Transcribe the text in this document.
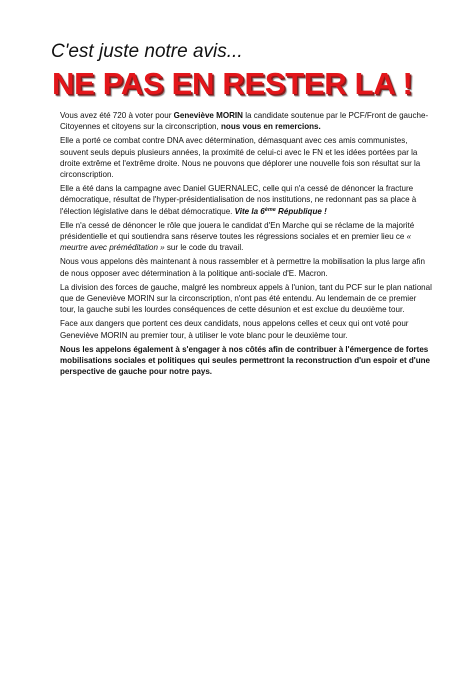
C'est juste notre avis...
NE PAS EN RESTER LA !

Vous avez été 720 à voter pour Geneviève MORIN la candidate soutenue par le PCF/Front de gauche-Citoyennes et citoyens sur la circonscription, nous vous en remercions.

Elle a porté ce combat contre DNA avec détermination, démasquant avec ces amis communistes, souvent seuls depuis plusieurs années, la proximité de celui-ci avec le FN et les idées portées par la droite extrême et l'extrême droite. Nous ne pouvons que déplorer une nouvelle fois son résultat sur la circonscription.

Elle a été dans la campagne avec Daniel GUERNALEC, celle qui n'a cessé de dénoncer la fracture démocratique, résultat de l'hyper-présidentialisation de nos institutions, ne redonnant pas sa place à l'élection législative dans le débat démocratique. Vite la 6ème République !

Elle n'a cessé de dénoncer le rôle que jouera le candidat d'En Marche qui se réclame de la majorité présidentielle et qui soutiendra sans réserve toutes les régressions sociales et en premier lieu ce « meurtre avec préméditation » sur le code du travail.

Nous vous appelons dès maintenant à nous rassembler et à permettre la mobilisation la plus large afin de nous opposer avec détermination à la politique anti-sociale d'E. Macron.

La division des forces de gauche, malgré les nombreux appels à l'union, tant du PCF sur le plan national que de Geneviève MORIN sur la circonscription, n'ont pas été entendu. Au lendemain de ce premier tour, la gauche subi les lourdes conséquences de cette désunion et est exclue du deuxième tour.

Face aux dangers que portent ces deux candidats, nous appelons celles et ceux qui ont voté pour Geneviève MORIN au premier tour, à utiliser le vote blanc pour le deuxième tour.

Nous les appelons également à s'engager à nos côtés afin de contribuer à l'émergence de fortes mobilisations sociales et politiques qui seules permettront la reconstruction d'un espoir et d'une perspective de gauche pour notre pays.
